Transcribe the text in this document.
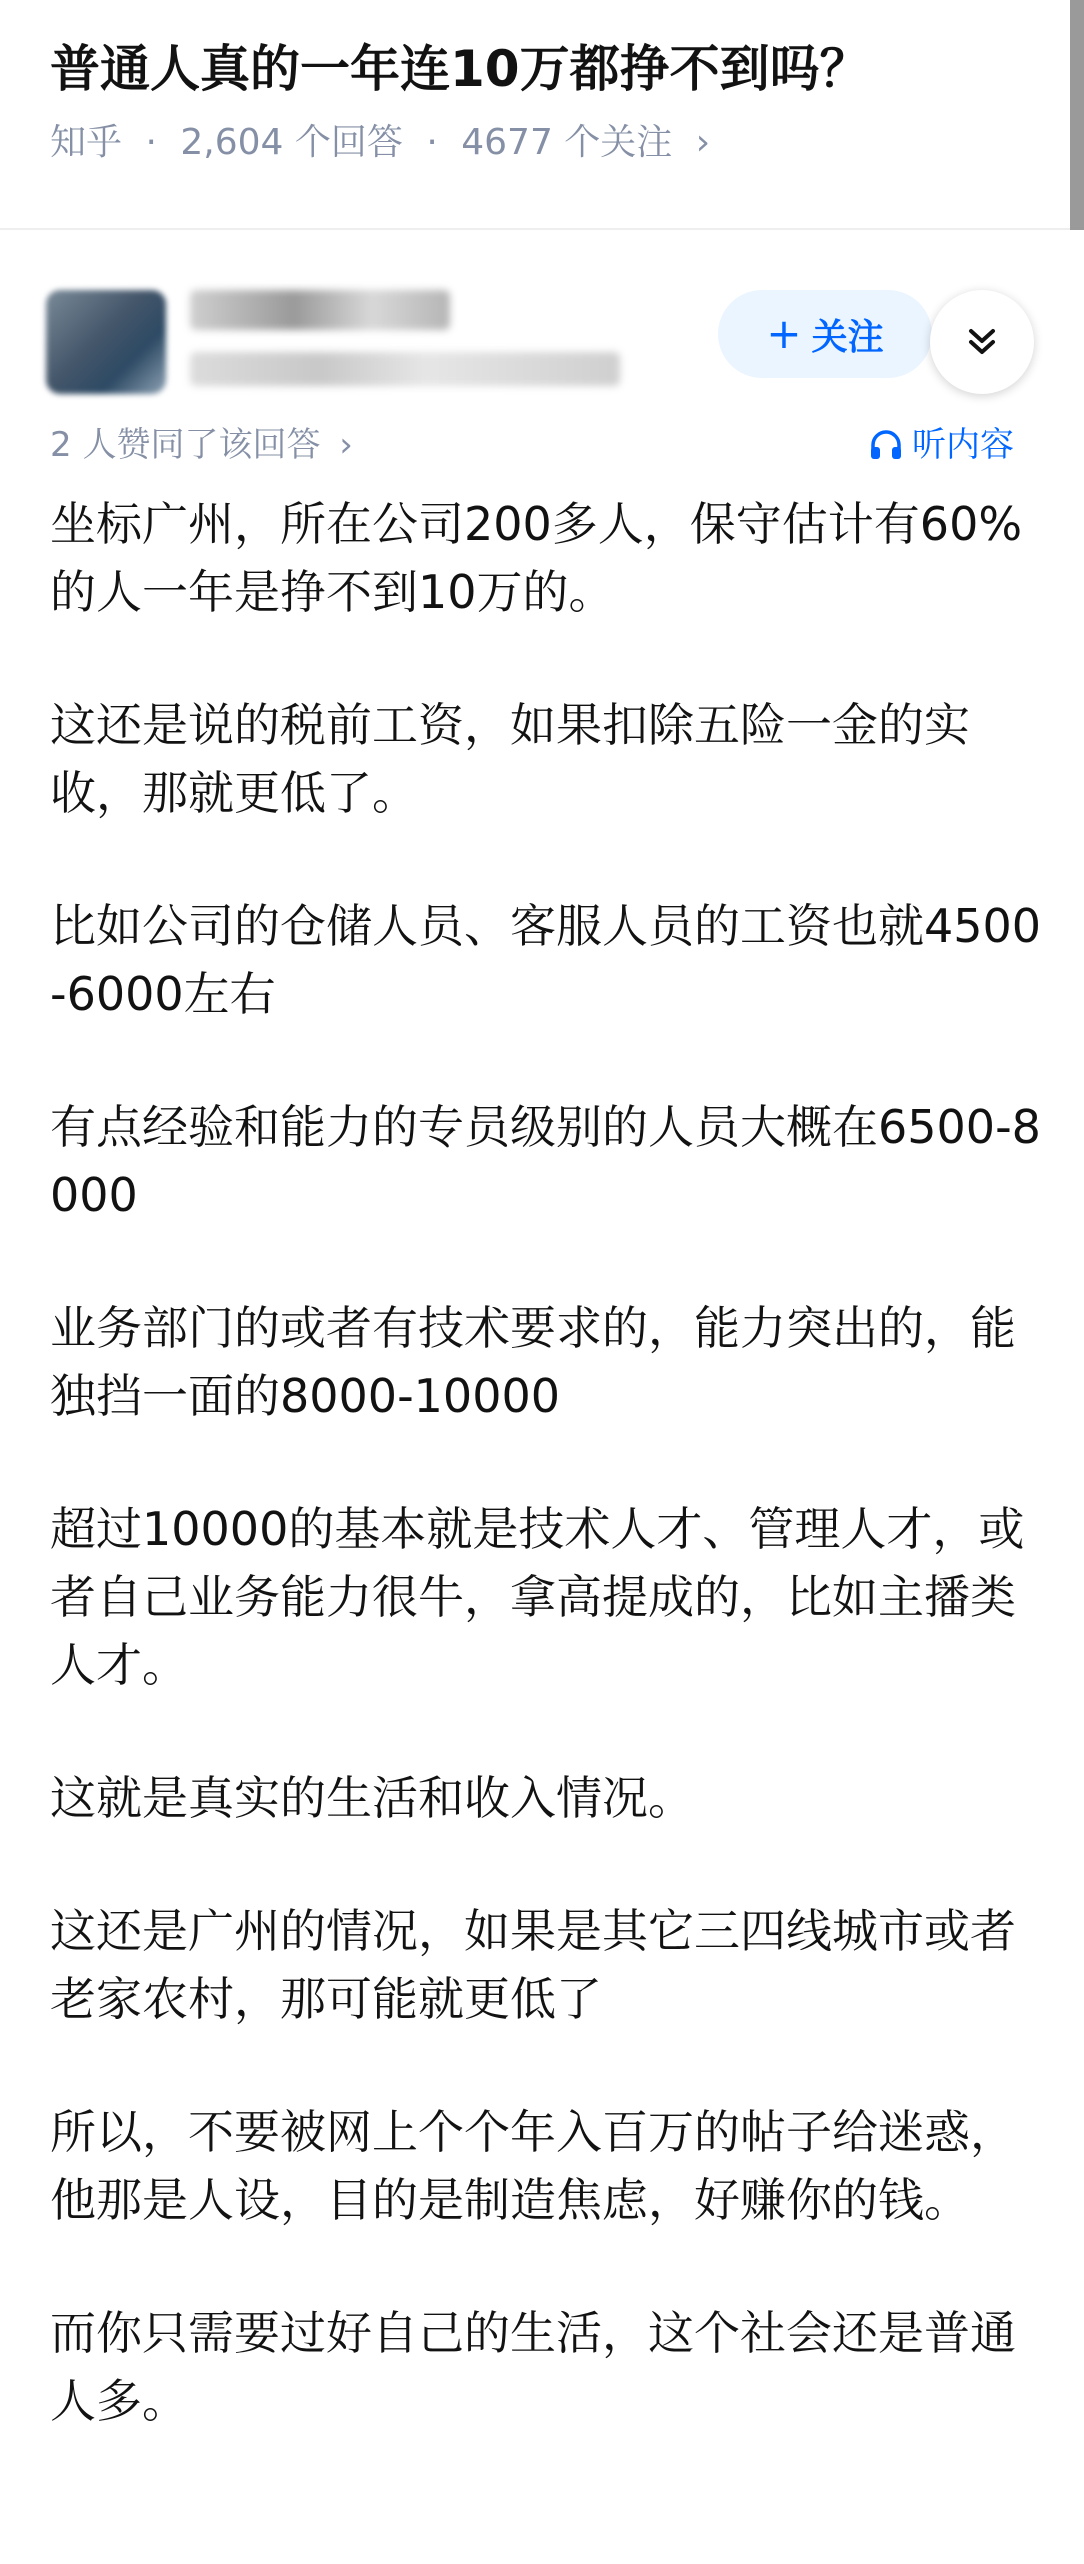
普通人真的一年连10万都挣不到吗？
知乎 · 2,604 个回答 · 4677 个关注 ›
+ 关注
2 人赞同了该回答 ›	听内容

坐标广州，所在公司200多人，保守估计有60%的人一年是挣不到10万的。

这还是说的税前工资，如果扣除五险一金的实收，那就更低了。

比如公司的仓储人员、客服人员的工资也就4500-6000左右

有点经验和能力的专员级别的人员大概在6500-8000

业务部门的或者有技术要求的，能力突出的，能独挡一面的8000-10000

超过10000的基本就是技术人才、管理人才，或者自己业务能力很牛，拿高提成的，比如主播类人才。

这就是真实的生活和收入情况。

这还是广州的情况，如果是其它三四线城市或者老家农村，那可能就更低了

所以，不要被网上个个年入百万的帖子给迷惑，他那是人设，目的是制造焦虑，好赚你的钱。

而你只需要过好自己的生活，这个社会还是普通人多。
